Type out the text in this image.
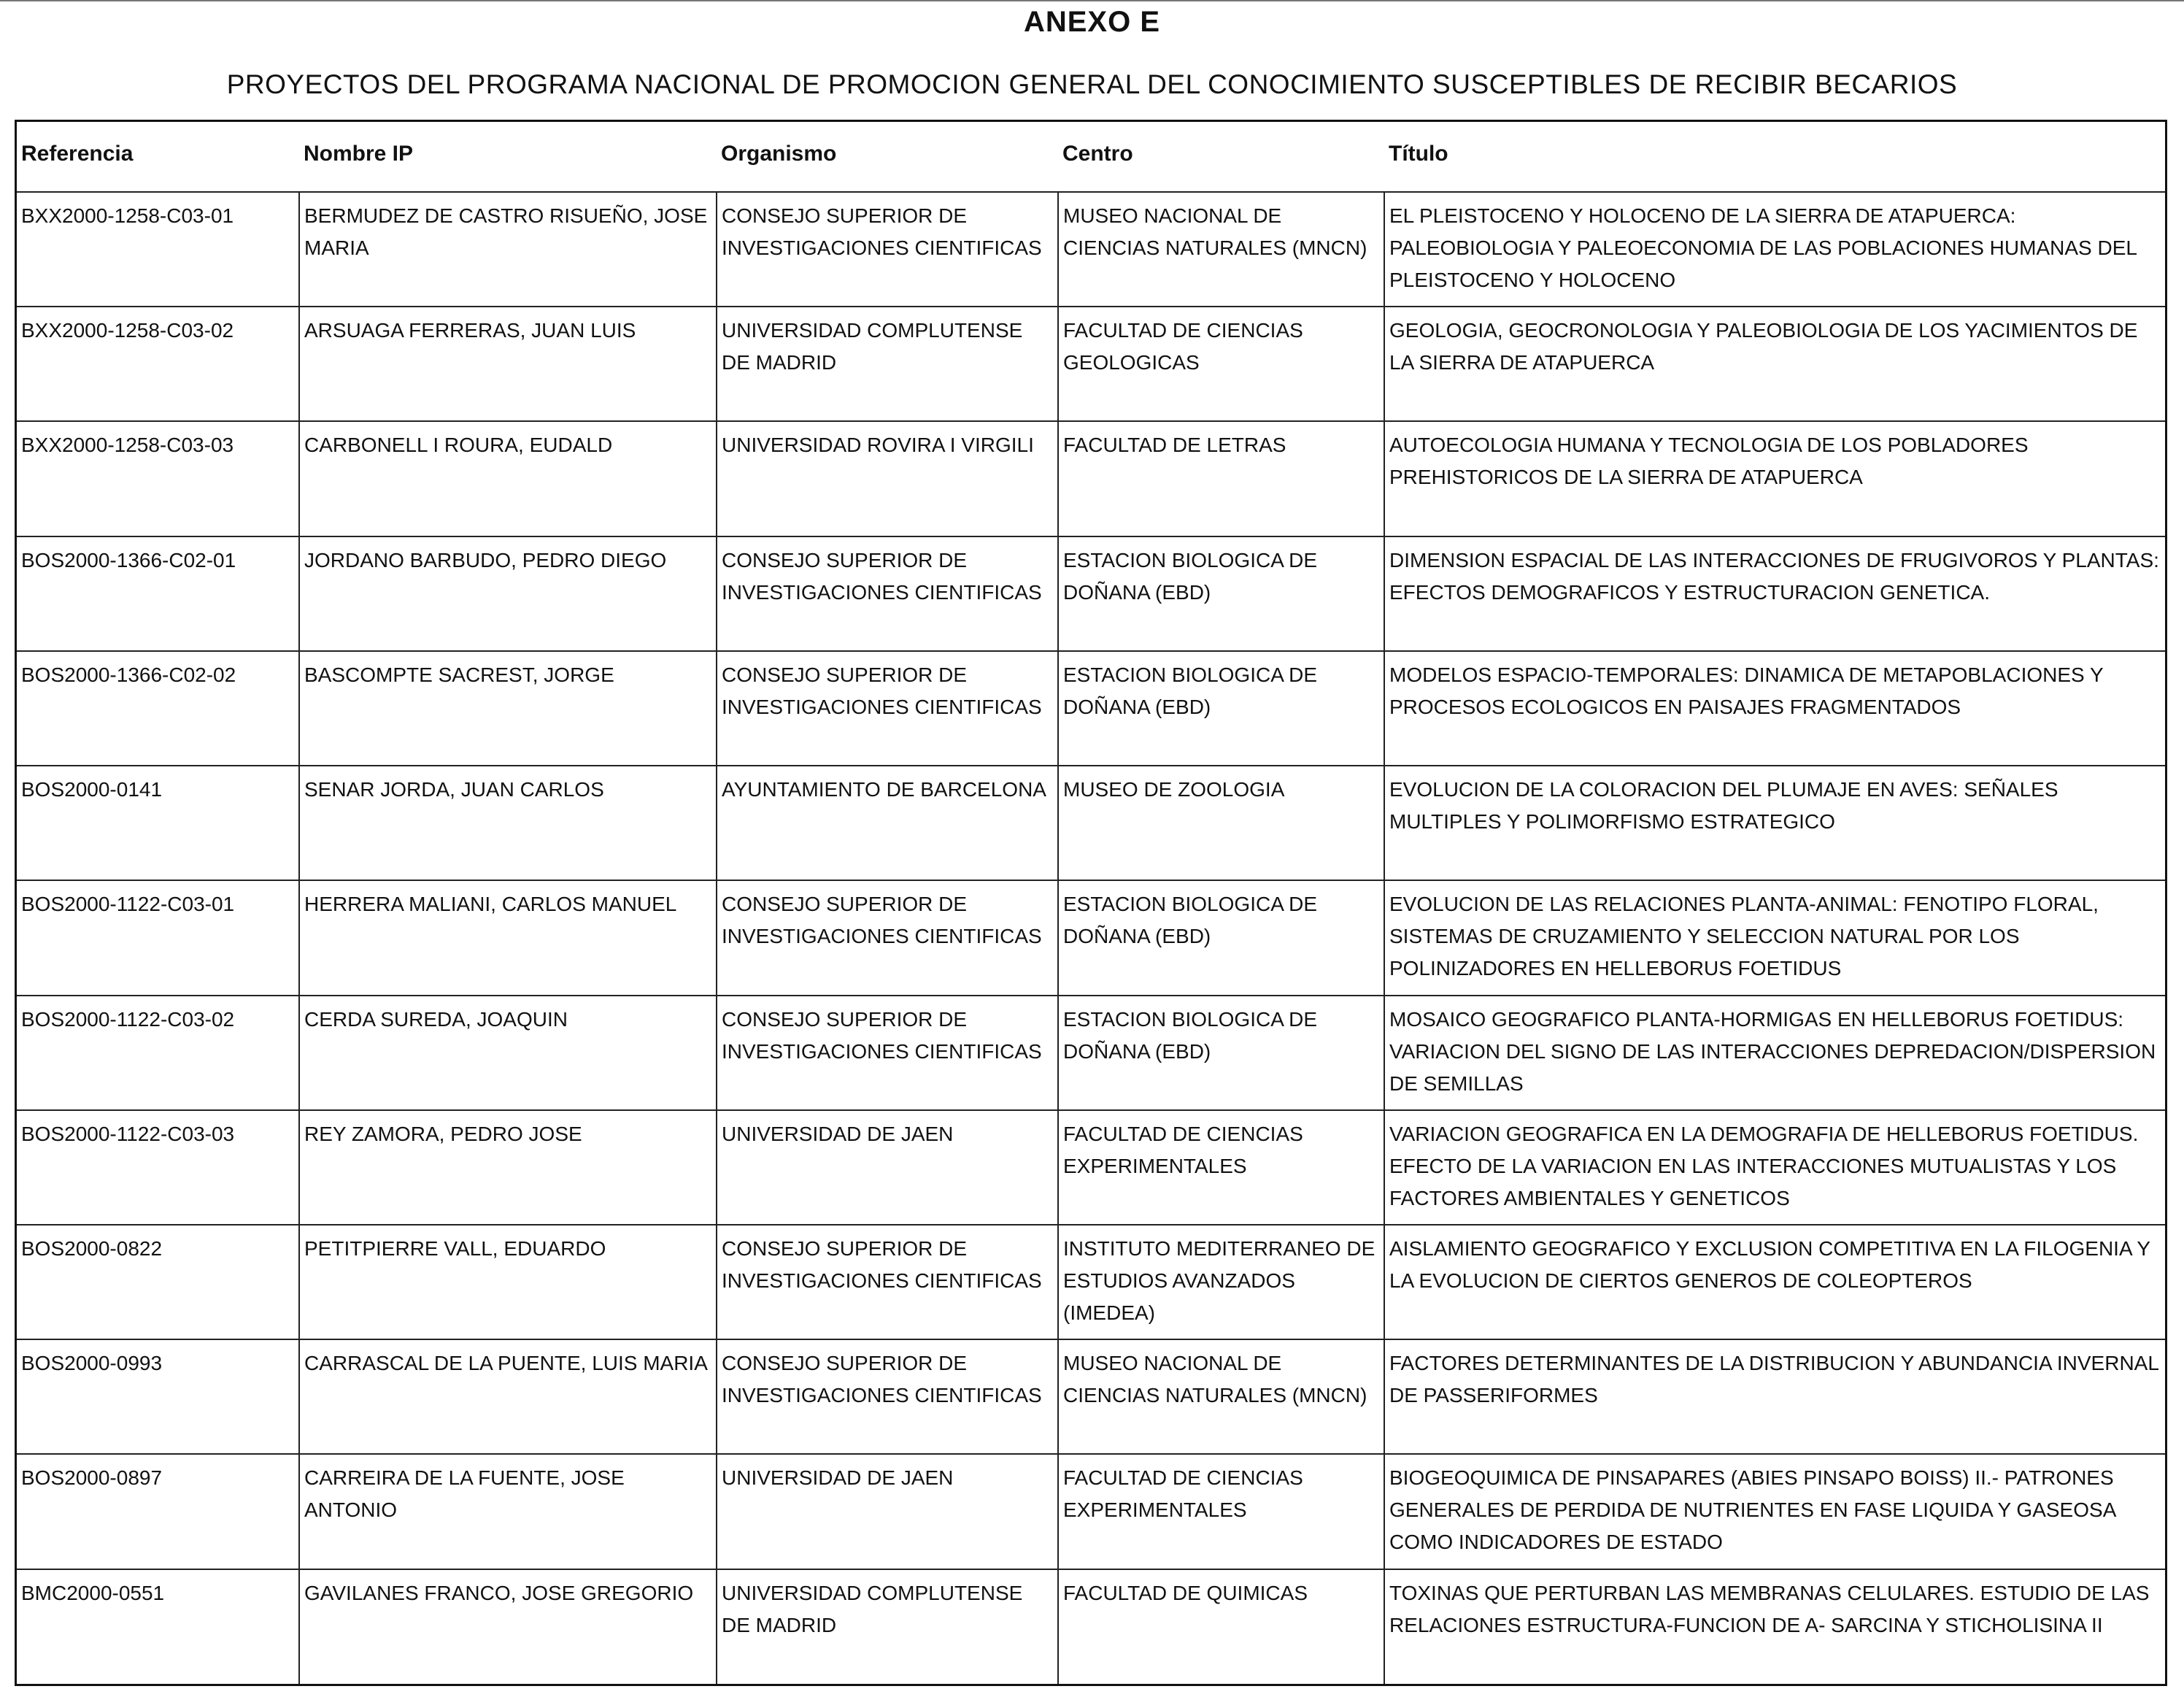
ANEXO E
PROYECTOS DEL PROGRAMA NACIONAL DE PROMOCION GENERAL DEL CONOCIMIENTO SUSCEPTIBLES DE RECIBIR BECARIOS
Referencia	Nombre IP	Organismo	Centro	Título
BXX2000-1258-C03-01	BERMUDEZ DE CASTRO RISUEÑO, JOSE MARIA	CONSEJO SUPERIOR DE INVESTIGACIONES CIENTIFICAS	MUSEO NACIONAL DE CIENCIAS NATURALES (MNCN)	EL PLEISTOCENO Y HOLOCENO DE LA SIERRA DE ATAPUERCA: PALEOBIOLOGIA Y PALEOECONOMIA DE LAS POBLACIONES HUMANAS DEL PLEISTOCENO Y HOLOCENO
BXX2000-1258-C03-02	ARSUAGA FERRERAS, JUAN LUIS	UNIVERSIDAD COMPLUTENSE DE MADRID	FACULTAD DE CIENCIAS GEOLOGICAS	GEOLOGIA, GEOCRONOLOGIA Y PALEOBIOLOGIA DE LOS YACIMIENTOS DE LA SIERRA DE ATAPUERCA
BXX2000-1258-C03-03	CARBONELL I ROURA, EUDALD	UNIVERSIDAD ROVIRA I VIRGILI	FACULTAD DE LETRAS	AUTOECOLOGIA HUMANA Y TECNOLOGIA DE LOS POBLADORES PREHISTORICOS DE LA SIERRA DE ATAPUERCA
BOS2000-1366-C02-01	JORDANO BARBUDO, PEDRO DIEGO	CONSEJO SUPERIOR DE INVESTIGACIONES CIENTIFICAS	ESTACION BIOLOGICA DE DOÑANA (EBD)	DIMENSION ESPACIAL DE LAS INTERACCIONES DE FRUGIVOROS Y PLANTAS: EFECTOS DEMOGRAFICOS Y ESTRUCTURACION GENETICA.
BOS2000-1366-C02-02	BASCOMPTE SACREST, JORGE	CONSEJO SUPERIOR DE INVESTIGACIONES CIENTIFICAS	ESTACION BIOLOGICA DE DOÑANA (EBD)	MODELOS ESPACIO-TEMPORALES: DINAMICA DE METAPOBLACIONES Y PROCESOS ECOLOGICOS EN PAISAJES FRAGMENTADOS
BOS2000-0141	SENAR JORDA, JUAN CARLOS	AYUNTAMIENTO DE BARCELONA	MUSEO DE ZOOLOGIA	EVOLUCION DE LA COLORACION DEL PLUMAJE EN AVES: SEÑALES MULTIPLES Y POLIMORFISMO ESTRATEGICO
BOS2000-1122-C03-01	HERRERA MALIANI, CARLOS MANUEL	CONSEJO SUPERIOR DE INVESTIGACIONES CIENTIFICAS	ESTACION BIOLOGICA DE DOÑANA (EBD)	EVOLUCION DE LAS RELACIONES PLANTA-ANIMAL: FENOTIPO FLORAL, SISTEMAS DE CRUZAMIENTO Y SELECCION NATURAL POR LOS POLINIZADORES EN HELLEBORUS FOETIDUS
BOS2000-1122-C03-02	CERDA SUREDA, JOAQUIN	CONSEJO SUPERIOR DE INVESTIGACIONES CIENTIFICAS	ESTACION BIOLOGICA DE DOÑANA (EBD)	MOSAICO GEOGRAFICO PLANTA-HORMIGAS EN HELLEBORUS FOETIDUS: VARIACION DEL SIGNO DE LAS INTERACCIONES DEPREDACION/DISPERSION DE SEMILLAS
BOS2000-1122-C03-03	REY ZAMORA, PEDRO JOSE	UNIVERSIDAD DE JAEN	FACULTAD DE CIENCIAS EXPERIMENTALES	VARIACION GEOGRAFICA EN LA DEMOGRAFIA DE HELLEBORUS FOETIDUS. EFECTO DE LA VARIACION EN LAS INTERACCIONES MUTUALISTAS Y LOS FACTORES AMBIENTALES Y GENETICOS
BOS2000-0822	PETITPIERRE VALL, EDUARDO	CONSEJO SUPERIOR DE INVESTIGACIONES CIENTIFICAS	INSTITUTO MEDITERRANEO DE ESTUDIOS AVANZADOS (IMEDEA)	AISLAMIENTO GEOGRAFICO Y EXCLUSION COMPETITIVA EN LA FILOGENIA Y LA EVOLUCION DE CIERTOS GENEROS DE COLEOPTEROS
BOS2000-0993	CARRASCAL DE LA PUENTE, LUIS MARIA	CONSEJO SUPERIOR DE INVESTIGACIONES CIENTIFICAS	MUSEO NACIONAL DE CIENCIAS NATURALES (MNCN)	FACTORES DETERMINANTES DE LA DISTRIBUCION Y ABUNDANCIA INVERNAL DE PASSERIFORMES
BOS2000-0897	CARREIRA DE LA FUENTE, JOSE ANTONIO	UNIVERSIDAD DE JAEN	FACULTAD DE CIENCIAS EXPERIMENTALES	BIOGEOQUIMICA DE PINSAPARES (ABIES PINSAPO BOISS) II.- PATRONES GENERALES DE PERDIDA DE NUTRIENTES EN FASE LIQUIDA Y GASEOSA COMO INDICADORES DE ESTADO
BMC2000-0551	GAVILANES FRANCO, JOSE GREGORIO	UNIVERSIDAD COMPLUTENSE DE MADRID	FACULTAD DE QUIMICAS	TOXINAS QUE PERTURBAN LAS MEMBRANAS CELULARES. ESTUDIO DE LAS RELACIONES ESTRUCTURA-FUNCION DE A- SARCINA Y STICHOLISINA II
